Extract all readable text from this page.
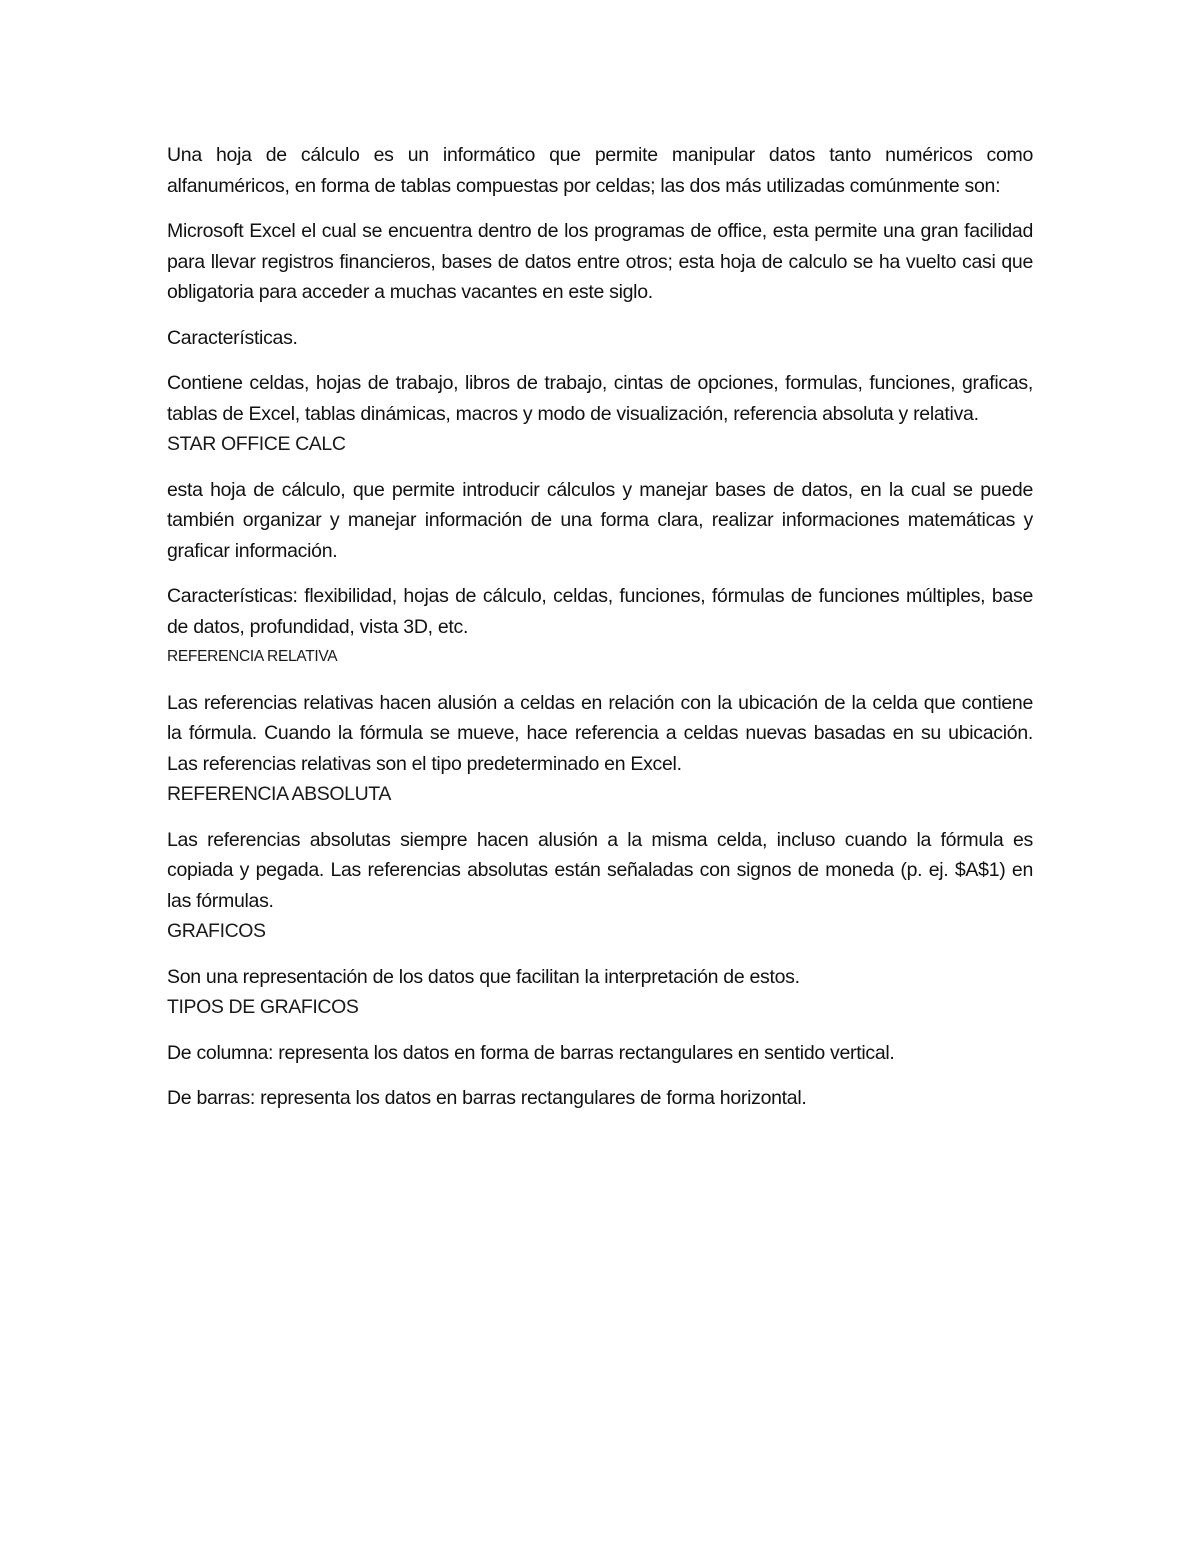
Una hoja de cálculo es un informático que permite manipular datos tanto numéricos como alfanuméricos, en forma de tablas compuestas por celdas; las dos más utilizadas comúnmente son:

Microsoft Excel el cual se encuentra dentro de los programas de office, esta permite una gran facilidad para llevar registros financieros, bases de datos entre otros; esta hoja de calculo se ha vuelto casi que obligatoria para acceder a muchas vacantes en este siglo.

Características.

Contiene celdas, hojas de trabajo, libros de trabajo, cintas de opciones, formulas, funciones, graficas, tablas de Excel, tablas dinámicas, macros y modo de visualización, referencia absoluta y relativa.

STAR OFFICE CALC

esta hoja de cálculo, que permite introducir cálculos y manejar bases de datos, en la cual se puede también organizar y manejar información de una forma clara, realizar informaciones matemáticas y graficar información.

Características: flexibilidad, hojas de cálculo, celdas, funciones, fórmulas de funciones múltiples, base de datos, profundidad, vista 3D, etc.

REFERENCIA RELATIVA

Las referencias relativas hacen alusión a celdas en relación con la ubicación de la celda que contiene la fórmula. Cuando la fórmula se mueve, hace referencia a celdas nuevas basadas en su ubicación. Las referencias relativas son el tipo predeterminado en Excel.

REFERENCIA ABSOLUTA

Las referencias absolutas siempre hacen alusión a la misma celda, incluso cuando la fórmula es copiada y pegada. Las referencias absolutas están señaladas con signos de moneda (p. ej. $A$1) en las fórmulas.

GRAFICOS

Son una representación de los datos que facilitan la interpretación de estos.

TIPOS DE GRAFICOS

De columna: representa los datos en forma de barras rectangulares en sentido vertical.

De barras: representa los datos en barras rectangulares de forma horizontal.
